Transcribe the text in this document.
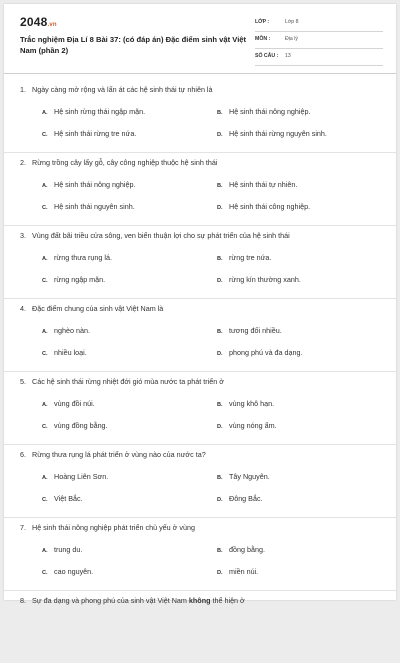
2048.vn
Trắc nghiệm Địa Lí 8 Bài 37: (có đáp án) Đặc điểm sinh vật Việt Nam (phần 2)
LỚP :	Lớp 8
MÔN :	Địa lý
SỐ CÂU : 13
1. Ngày càng mở rộng và lấn át các hệ sinh thái tự nhiên là
A. Hệ sinh rừng thái ngập mặn.	B. Hệ sinh thái nông nghiệp.
C. Hệ sinh thái rừng tre nứa.	D. Hệ sinh thái rừng nguyên sinh.
2. Rừng trồng cây lấy gỗ, cây công nghiệp thuộc hệ sinh thái
A. Hệ sinh thái nông nghiệp.	B. Hệ sinh thái tự nhiên.
C. Hệ sinh thái nguyên sinh.	D. Hệ sinh thái công nghiệp.
3. Vùng đất bãi triều cửa sông, ven biển thuận lợi cho sự phát triển của hệ sinh thái
A. rừng thưa rụng lá.	B. rừng tre nứa.
C. rừng ngập mặn.	D. rừng kín thường xanh.
4. Đặc điểm chung của sinh vật Việt Nam là
A. nghèo nàn.	B. tương đối nhiều.
C. nhiều loại.	D. phong phú và đa dạng.
5. Các hệ sinh thái rừng nhiệt đới gió mùa nước ta phát triển ở
A. vùng đồi núi.	B. vùng khô hạn.
C. vùng đồng bằng.	D. vùng nóng ẩm.
6. Rừng thưa rụng lá phát triển ở vùng nào của nước ta?
A. Hoàng Liên Sơn.	B. Tây Nguyên.
C. Việt Bắc.	D. Đông Bắc.
7. Hệ sinh thái nông nghiệp phát triển chủ yếu ở vùng
A. trung du.	B. đồng bằng.
C. cao nguyên.	D. miền núi.
8. Sự đa dạng và phong phú của sinh vật Việt Nam không thể hiện ở
